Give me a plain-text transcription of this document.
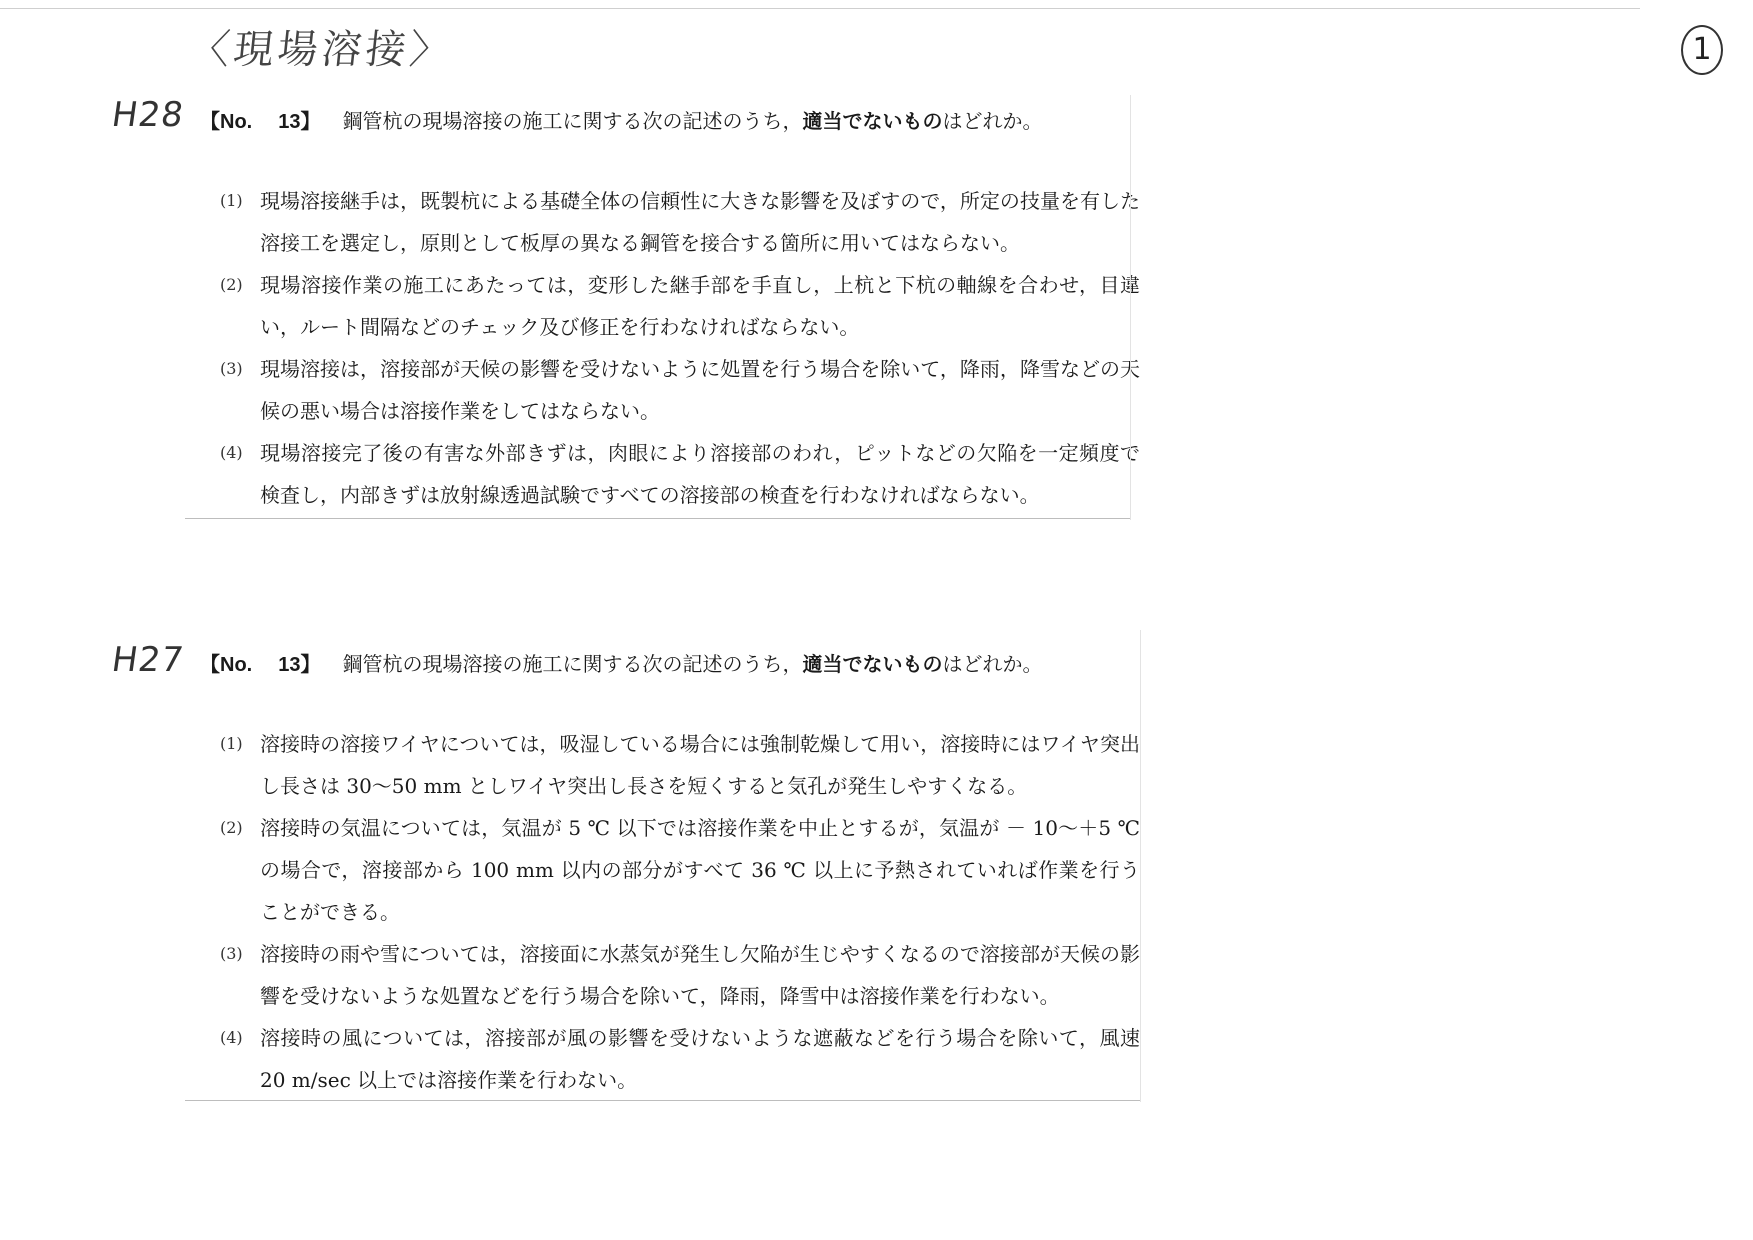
〈現場溶接〉	1
H28
H27
【No. 13】 鋼管杭の現場溶接の施工に関する次の記述のうち，適当でないものはどれか。
(1) 現場溶接継手は，既製杭による基礎全体の信頼性に大きな影響を及ぼすので，所定の技量を有した溶接工を選定し，原則として板厚の異なる鋼管を接合する箇所に用いてはならない。
(2) 現場溶接作業の施工にあたっては，変形した継手部を手直し，上杭と下杭の軸線を合わせ，目違い，ルート間隔などのチェック及び修正を行わなければならない。
(3) 現場溶接は，溶接部が天候の影響を受けないように処置を行う場合を除いて，降雨，降雪などの天候の悪い場合は溶接作業をしてはならない。
(4) 現場溶接完了後の有害な外部きずは，肉眼により溶接部のわれ，ピットなどの欠陥を一定頻度で検査し，内部きずは放射線透過試験ですべての溶接部の検査を行わなければならない。
【No. 13】 鋼管杭の現場溶接の施工に関する次の記述のうち，適当でないものはどれか。
(1) 溶接時の溶接ワイヤについては，吸湿している場合には強制乾燥して用い，溶接時にはワイヤ突出し長さは 30～50 mm としワイヤ突出し長さを短くすると気孔が発生しやすくなる。
(2) 溶接時の気温については，気温が 5 ℃ 以下では溶接作業を中止とするが，気温が － 10～＋5 ℃ の場合で，溶接部から 100 mm 以内の部分がすべて 36 ℃ 以上に予熱されていれば作業を行うことができる。
(3) 溶接時の雨や雪については，溶接面に水蒸気が発生し欠陥が生じやすくなるので溶接部が天候の影響を受けないような処置などを行う場合を除いて，降雨，降雪中は溶接作業を行わない。
(4) 溶接時の風については，溶接部が風の影響を受けないような遮蔽などを行う場合を除いて，風速 20 m/sec 以上では溶接作業を行わない。
